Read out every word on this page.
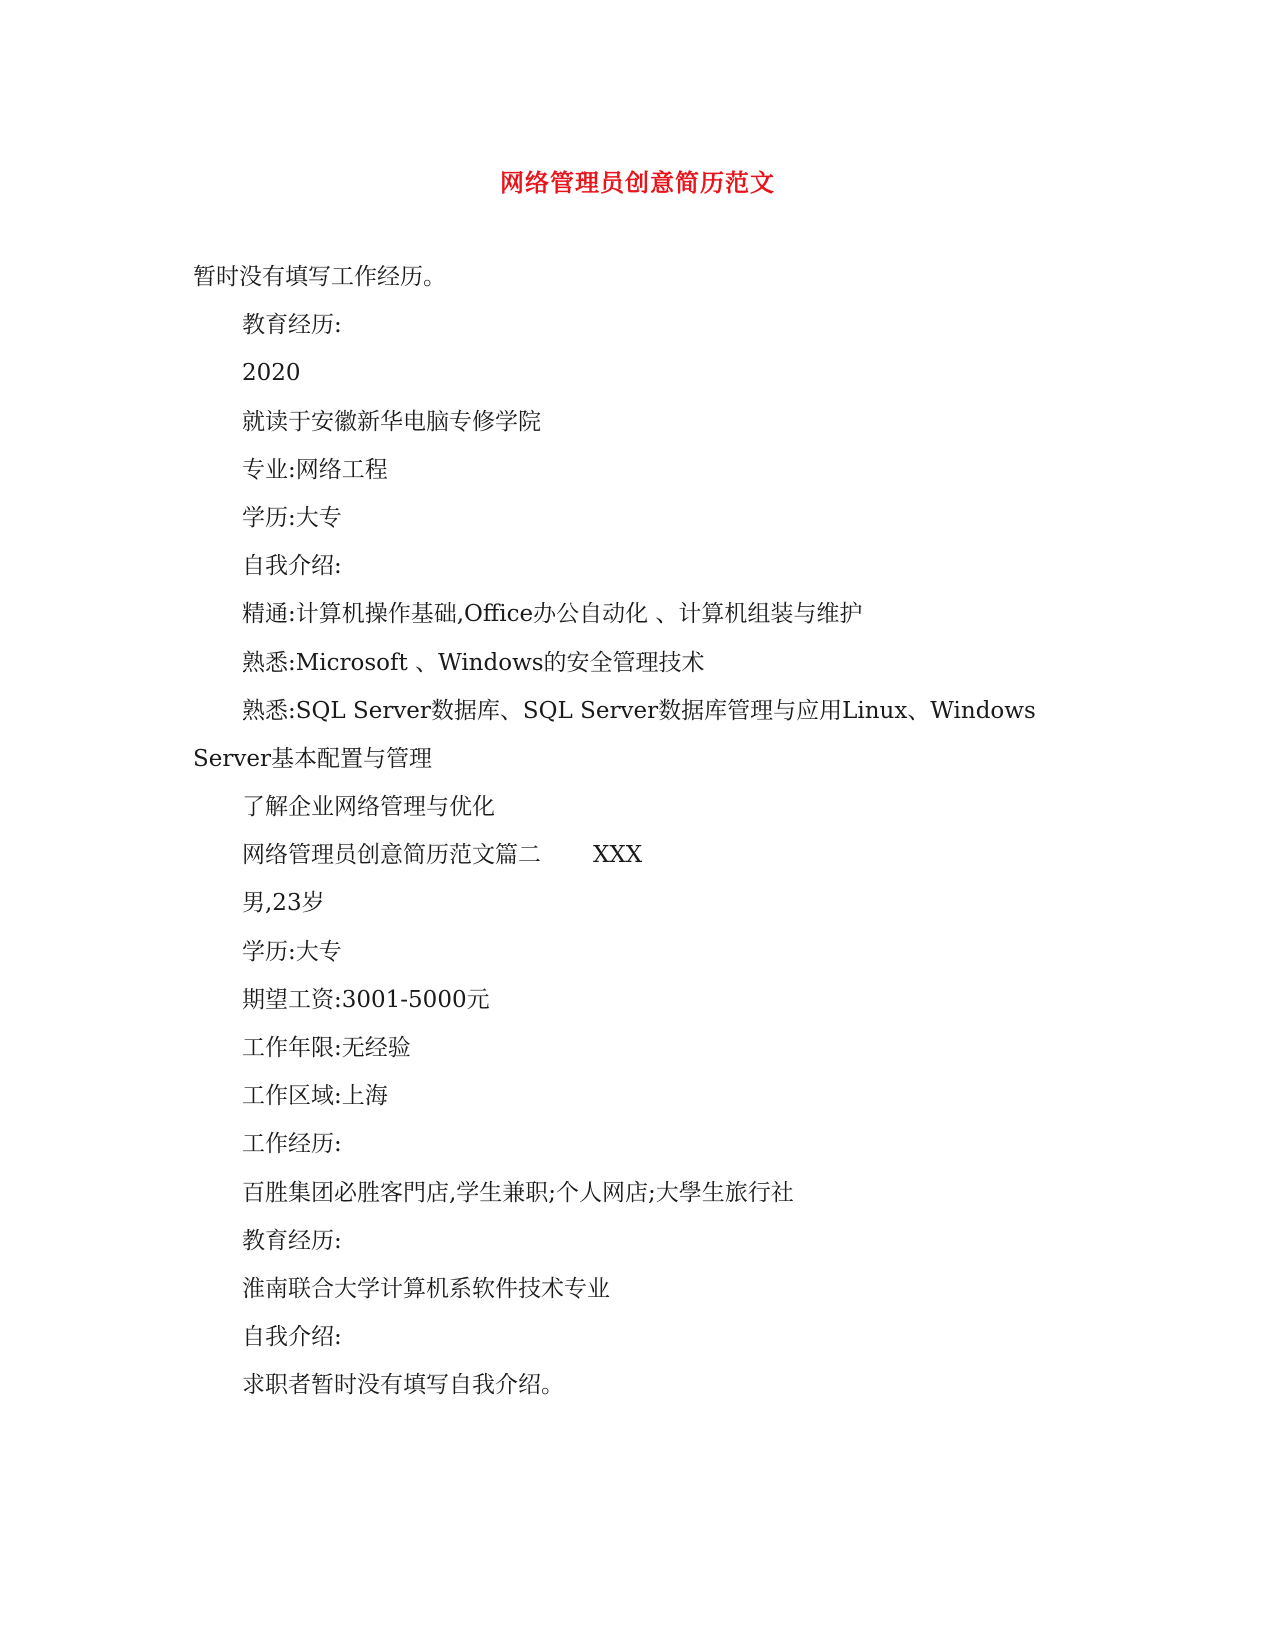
网络管理员创意简历范文
暂时没有填写工作经历。
教育经历:
2020
就读于安徽新华电脑专修学院
专业:网络工程
学历:大专
自我介绍:
精通:计算机操作基础,Office办公自动化 、计算机组装与维护
熟悉:Microsoft 、Windows的安全管理技术
熟悉:SQL Server数据库、SQL Server数据库管理与应用Linux、Windows
Server基本配置与管理
了解企业网络管理与优化
网络管理员创意简历范文篇二 XXX
男,23岁
学历:大专
期望工资:3001-5000元
工作年限:无经验
工作区域:上海
工作经历:
百胜集团必胜客門店,学生兼职;个人网店;大學生旅行社
教育经历:
淮南联合大学计算机系软件技术专业
自我介绍:
求职者暂时没有填写自我介绍。
